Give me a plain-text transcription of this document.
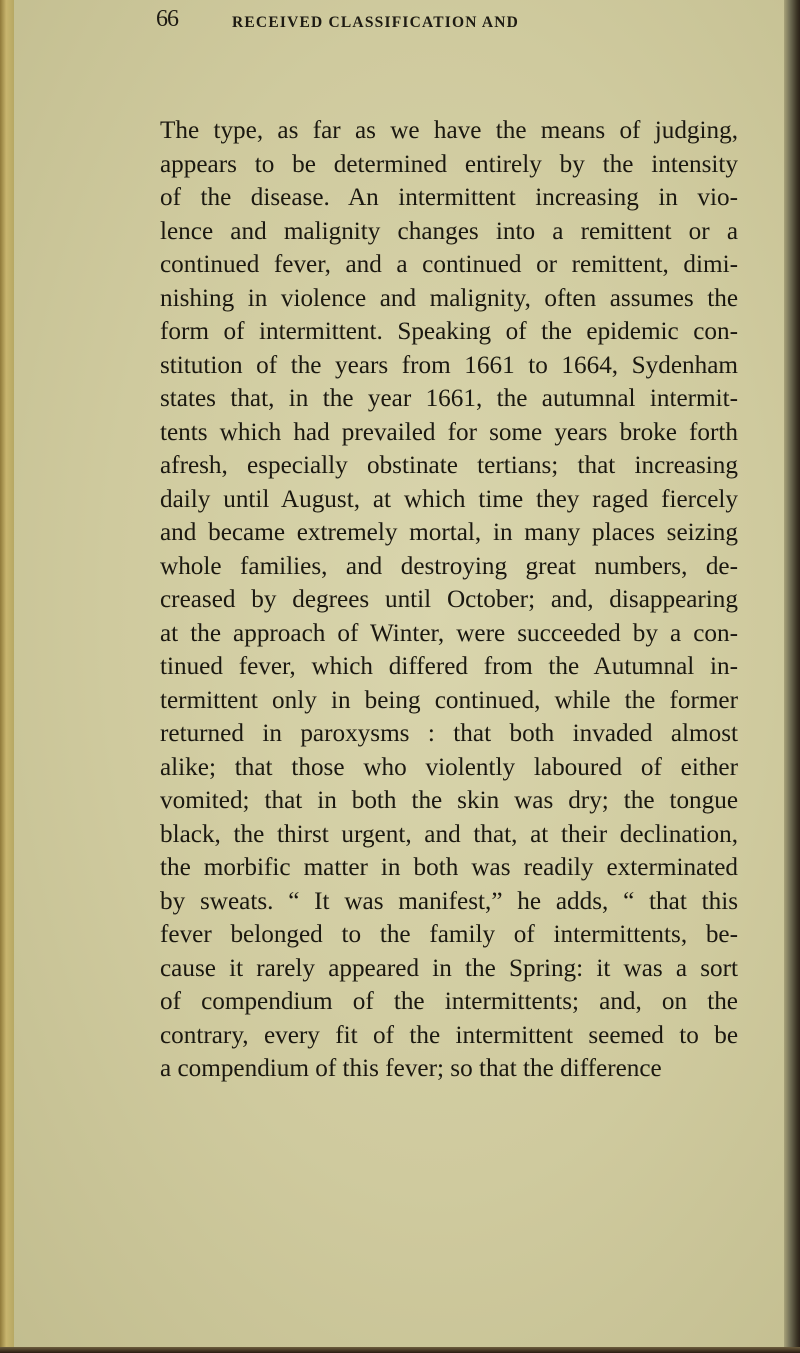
66	RECEIVED CLASSIFICATION AND
The type, as far as we have the means of judging,
appears to be determined entirely by the intensity
of the disease. An intermittent increasing in vio-
lence and malignity changes into a remittent or a
continued fever, and a continued or remittent, dimi-
nishing in violence and malignity, often assumes the
form of intermittent. Speaking of the epidemic con-
stitution of the years from 1661 to 1664, Sydenham
states that, in the year 1661, the autumnal intermit-
tents which had prevailed for some years broke forth
afresh, especially obstinate tertians; that increasing
daily until August, at which time they raged fiercely
and became extremely mortal, in many places seizing
whole families, and destroying great numbers, de-
creased by degrees until October; and, disappearing
at the approach of Winter, were succeeded by a con-
tinued fever, which differed from the Autumnal in-
termittent only in being continued, while the former
returned in paroxysms : that both invaded almost
alike; that those who violently laboured of either
vomited; that in both the skin was dry; the tongue
black, the thirst urgent, and that, at their declination,
the morbific matter in both was readily exterminated
by sweats. “ It was manifest,” he adds, “ that this
fever belonged to the family of intermittents, be-
cause it rarely appeared in the Spring: it was a sort
of compendium of the intermittents; and, on the
contrary, every fit of the intermittent seemed to be
a compendium of this fever; so that the difference
